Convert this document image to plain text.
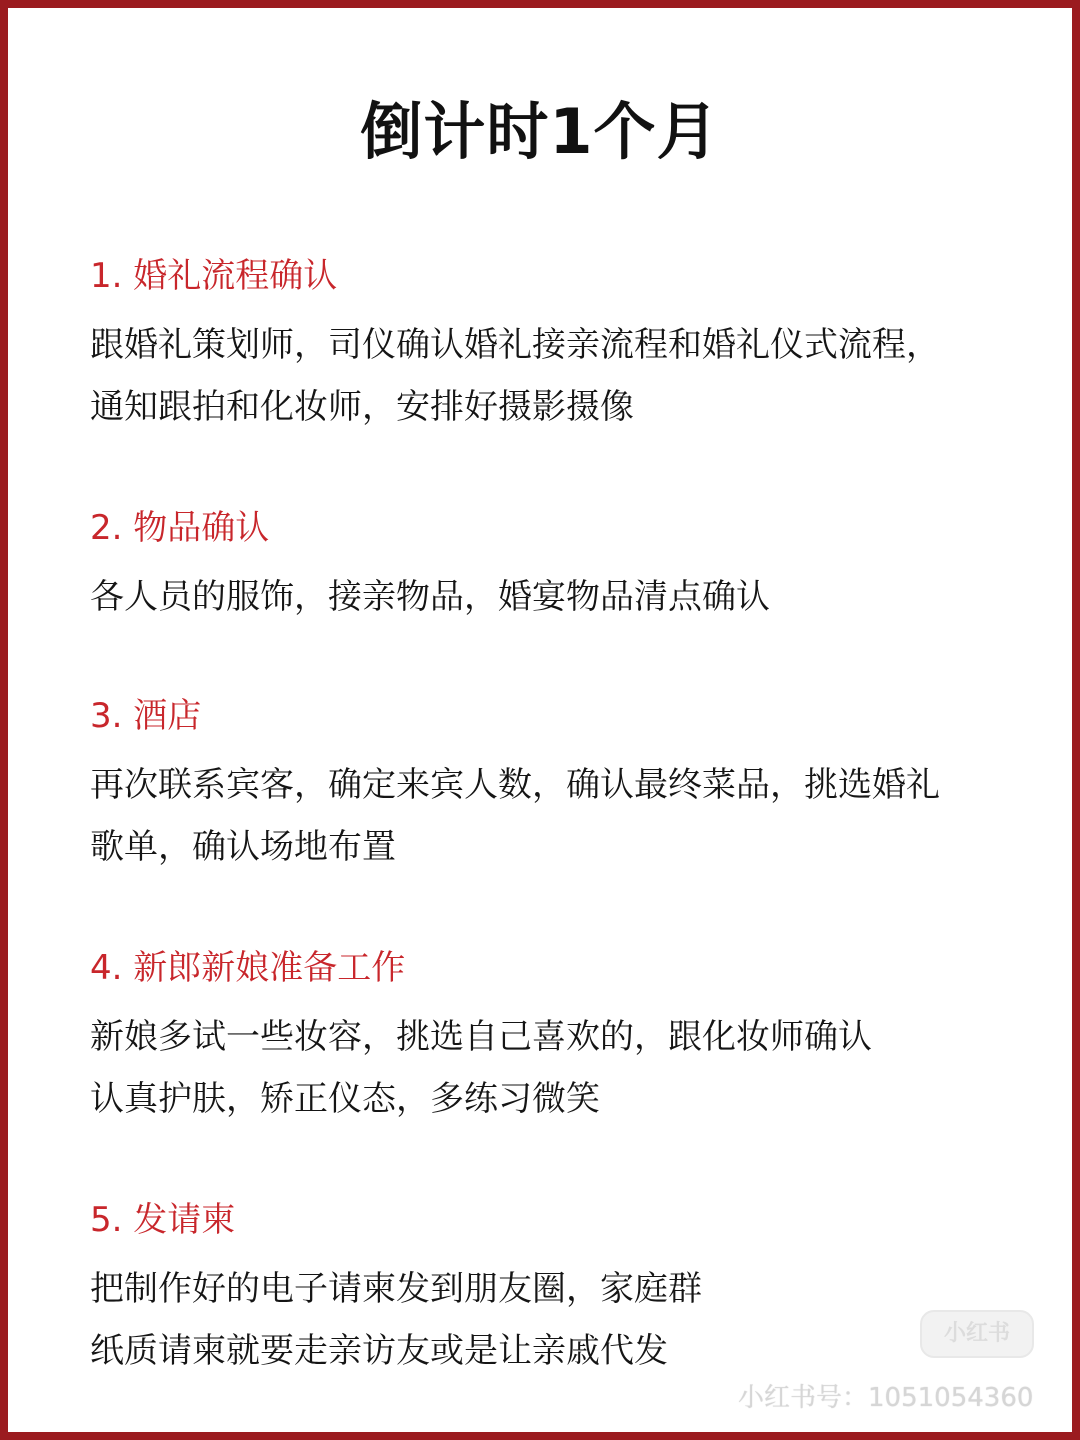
倒计时1个月

1. 婚礼流程确认

跟婚礼策划师，司仪确认婚礼接亲流程和婚礼仪式流程，

通知跟拍和化妆师，安排好摄影摄像

2. 物品确认

各人员的服饰，接亲物品，婚宴物品清点确认

3. 酒店

再次联系宾客，确定来宾人数，确认最终菜品，挑选婚礼

歌单，确认场地布置

4. 新郎新娘准备工作

新娘多试一些妆容，挑选自己喜欢的，跟化妆师确认

认真护肤，矫正仪态，多练习微笑

5. 发请柬

把制作好的电子请柬发到朋友圈，家庭群

纸质请柬就要走亲访友或是让亲戚代发	小红书
小红书号：1051054360
